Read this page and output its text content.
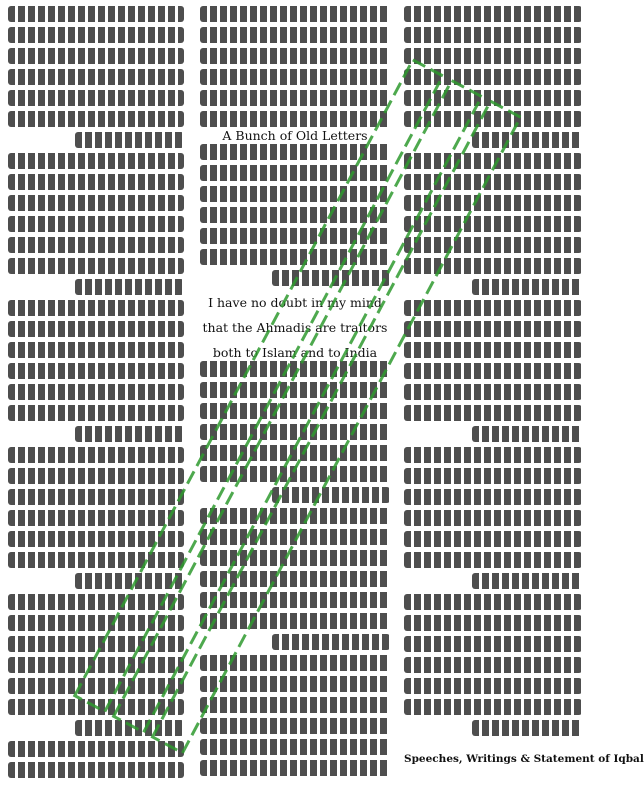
A Bunch of Old Letters
I have no doubt in my mind
that the Ahmadis are traitors
both to Islam and to India
Speeches, Writings & Statement of Iqbal
